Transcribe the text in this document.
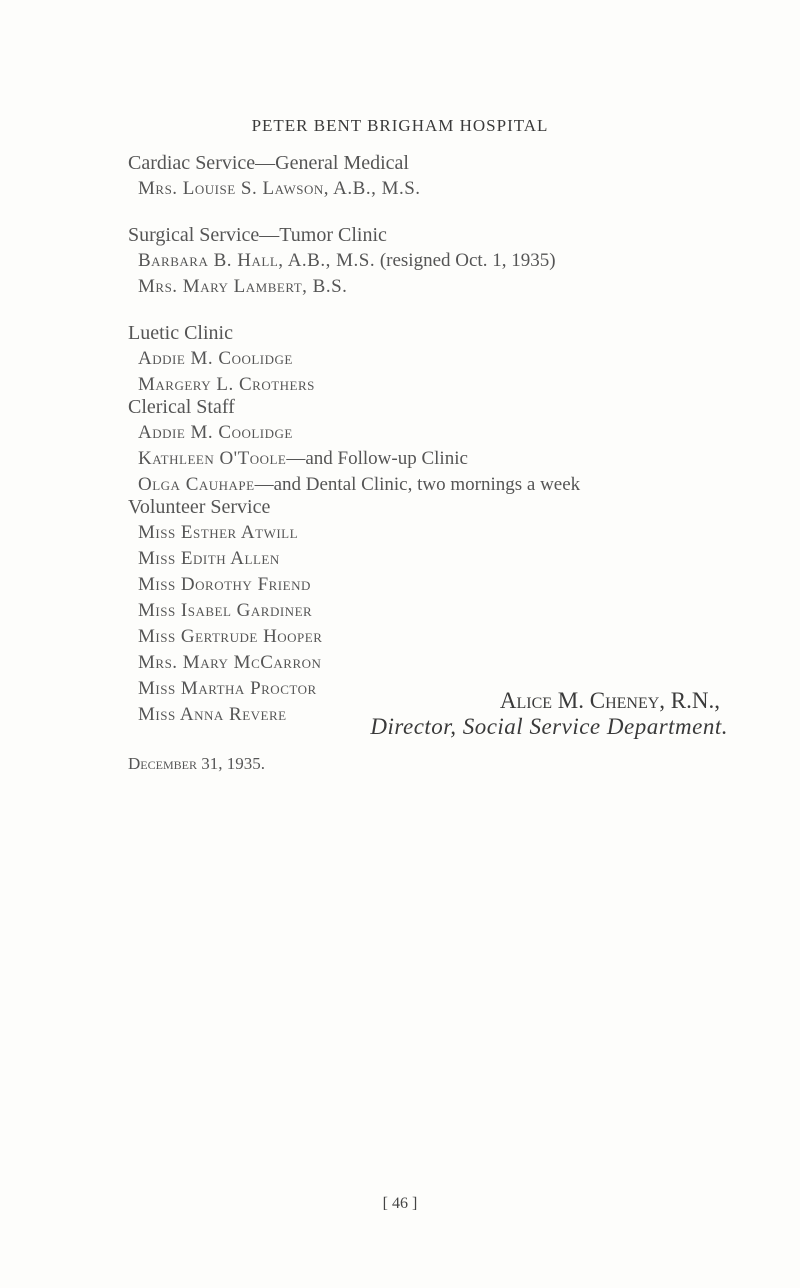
PETER BENT BRIGHAM HOSPITAL
Cardiac Service—General Medical
Mrs. Louise S. Lawson, A.B., M.S.
Surgical Service—Tumor Clinic
Barbara B. Hall, A.B., M.S. (resigned Oct. 1, 1935)
Mrs. Mary Lambert, B.S.
Luetic Clinic
Addie M. Coolidge
Margery L. Crothers
Clerical Staff
Addie M. Coolidge
Kathleen O'Toole—and Follow-up Clinic
Olga Cauhape—and Dental Clinic, two mornings a week
Volunteer Service
Miss Esther Atwill
Miss Edith Allen
Miss Dorothy Friend
Miss Isabel Gardiner
Miss Gertrude Hooper
Mrs. Mary McCarron
Miss Martha Proctor
Miss Anna Revere
Alice M. Cheney, R.N.,
Director, Social Service Department.
December 31, 1935.
[ 46 ]
